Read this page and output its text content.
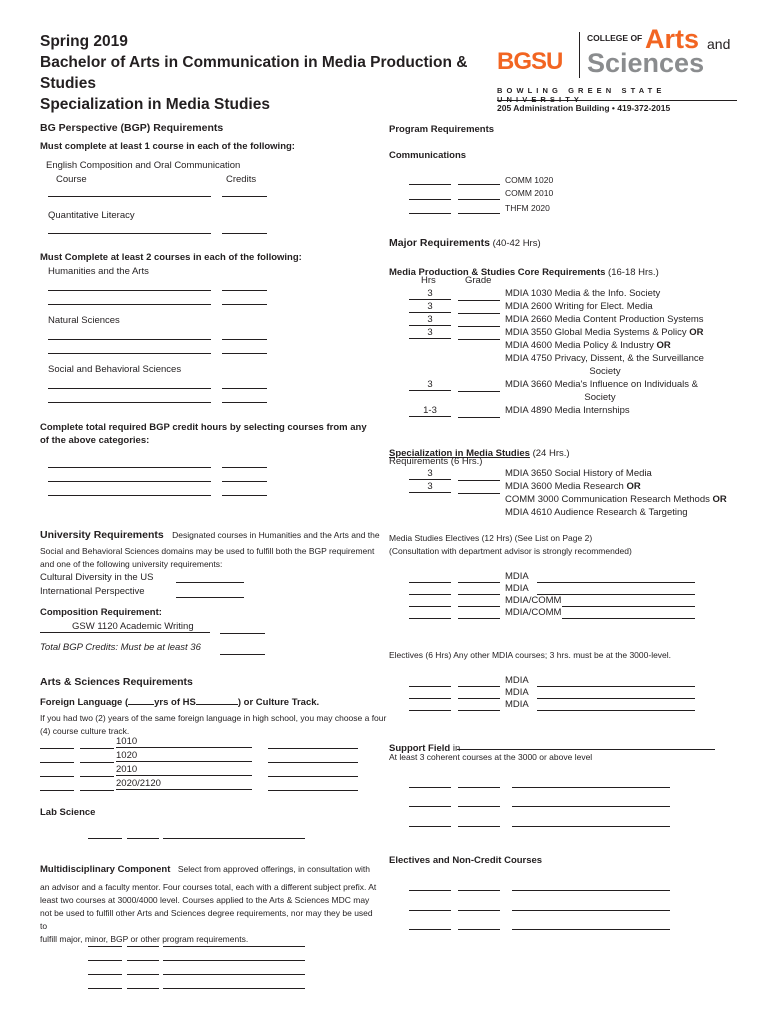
Spring 2019
Bachelor of Arts in Communication in Media Production & Studies
Specialization in Media Studies
BGSU
COLLEGE OF Arts and
Sciences
BOWLING GREEN STATE UNIVERSITY
205 Administration Building • 419-372-2015
BG Perspective (BGP) Requirements
Must complete at least 1 course in each of the following:
English Composition and Oral Communication
Course	Credits
Quantitative Literacy
Must Complete at least 2 courses in each of the following:
Humanities and the Arts
Natural Sciences
Social and Behavioral Sciences
Complete total required BGP credit hours by selecting courses from any
of the above categories:
University Requirements Designated courses in Humanities and the Arts and the
Social and Behavioral Sciences domains may be used to fulfill both the BGP requirement
and one of the following university requirements:
Cultural Diversity in the US
International Perspective
Composition Requirement:
GSW 1120 Academic Writing
Total BGP Credits: Must be at least 36
Arts & Sciences Requirements
Foreign Language (	yrs of HS	) or Culture Track.
If you had two (2) years of the same foreign language in high school, you may choose a four
(4) course culture track.
1010
1020
2010
2020/2120
Lab Science
Multidisciplinary Component Select from approved offerings, in consultation with
an advisor and a faculty mentor. Four courses total, each with a different subject prefix. At
least two courses at 3000/4000 level. Courses applied to the Arts & Sciences MDC may
not be used to fulfill other Arts and Sciences degree requirements, nor may they be used to
fulfill major, minor, BGP or other program requirements.
Program Requirements
Communications
COMM 1020
COMM 2010
THFM 2020
Major Requirements (40-42 Hrs)
Media Production & Studies Core Requirements (16-18 Hrs.)
Hrs	Grade
3	MDIA 1030 Media & the Info. Society
3	MDIA 2600 Writing for Elect. Media
3	MDIA 2660 Media Content Production Systems
3	MDIA 3550 Global Media Systems & Policy OR
MDIA 4600 Media Policy & Industry OR
MDIA 4750 Privacy, Dissent, & the Surveillance
Society
3	MDIA 3660 Media's Influence on Individuals &
Society
1-3	MDIA 4890 Media Internships
Specialization in Media Studies (24 Hrs.)
Requirements (6 Hrs.)
3	MDIA 3650 Social History of Media
3	MDIA 3600 Media Research OR
COMM 3000 Communication Research Methods OR
MDIA 4610 Audience Research & Targeting
Media Studies Electives (12 Hrs) (See List on Page 2)
(Consultation with department advisor is strongly recommended)
MDIA
MDIA
MDIA/COMM
MDIA/COMM
Electives (6 Hrs) Any other MDIA courses; 3 hrs. must be at the 3000-level.
MDIA
MDIA
MDIA
Support Field in
At least 3 coherent courses at the 3000 or above level
Electives and Non-Credit Courses
